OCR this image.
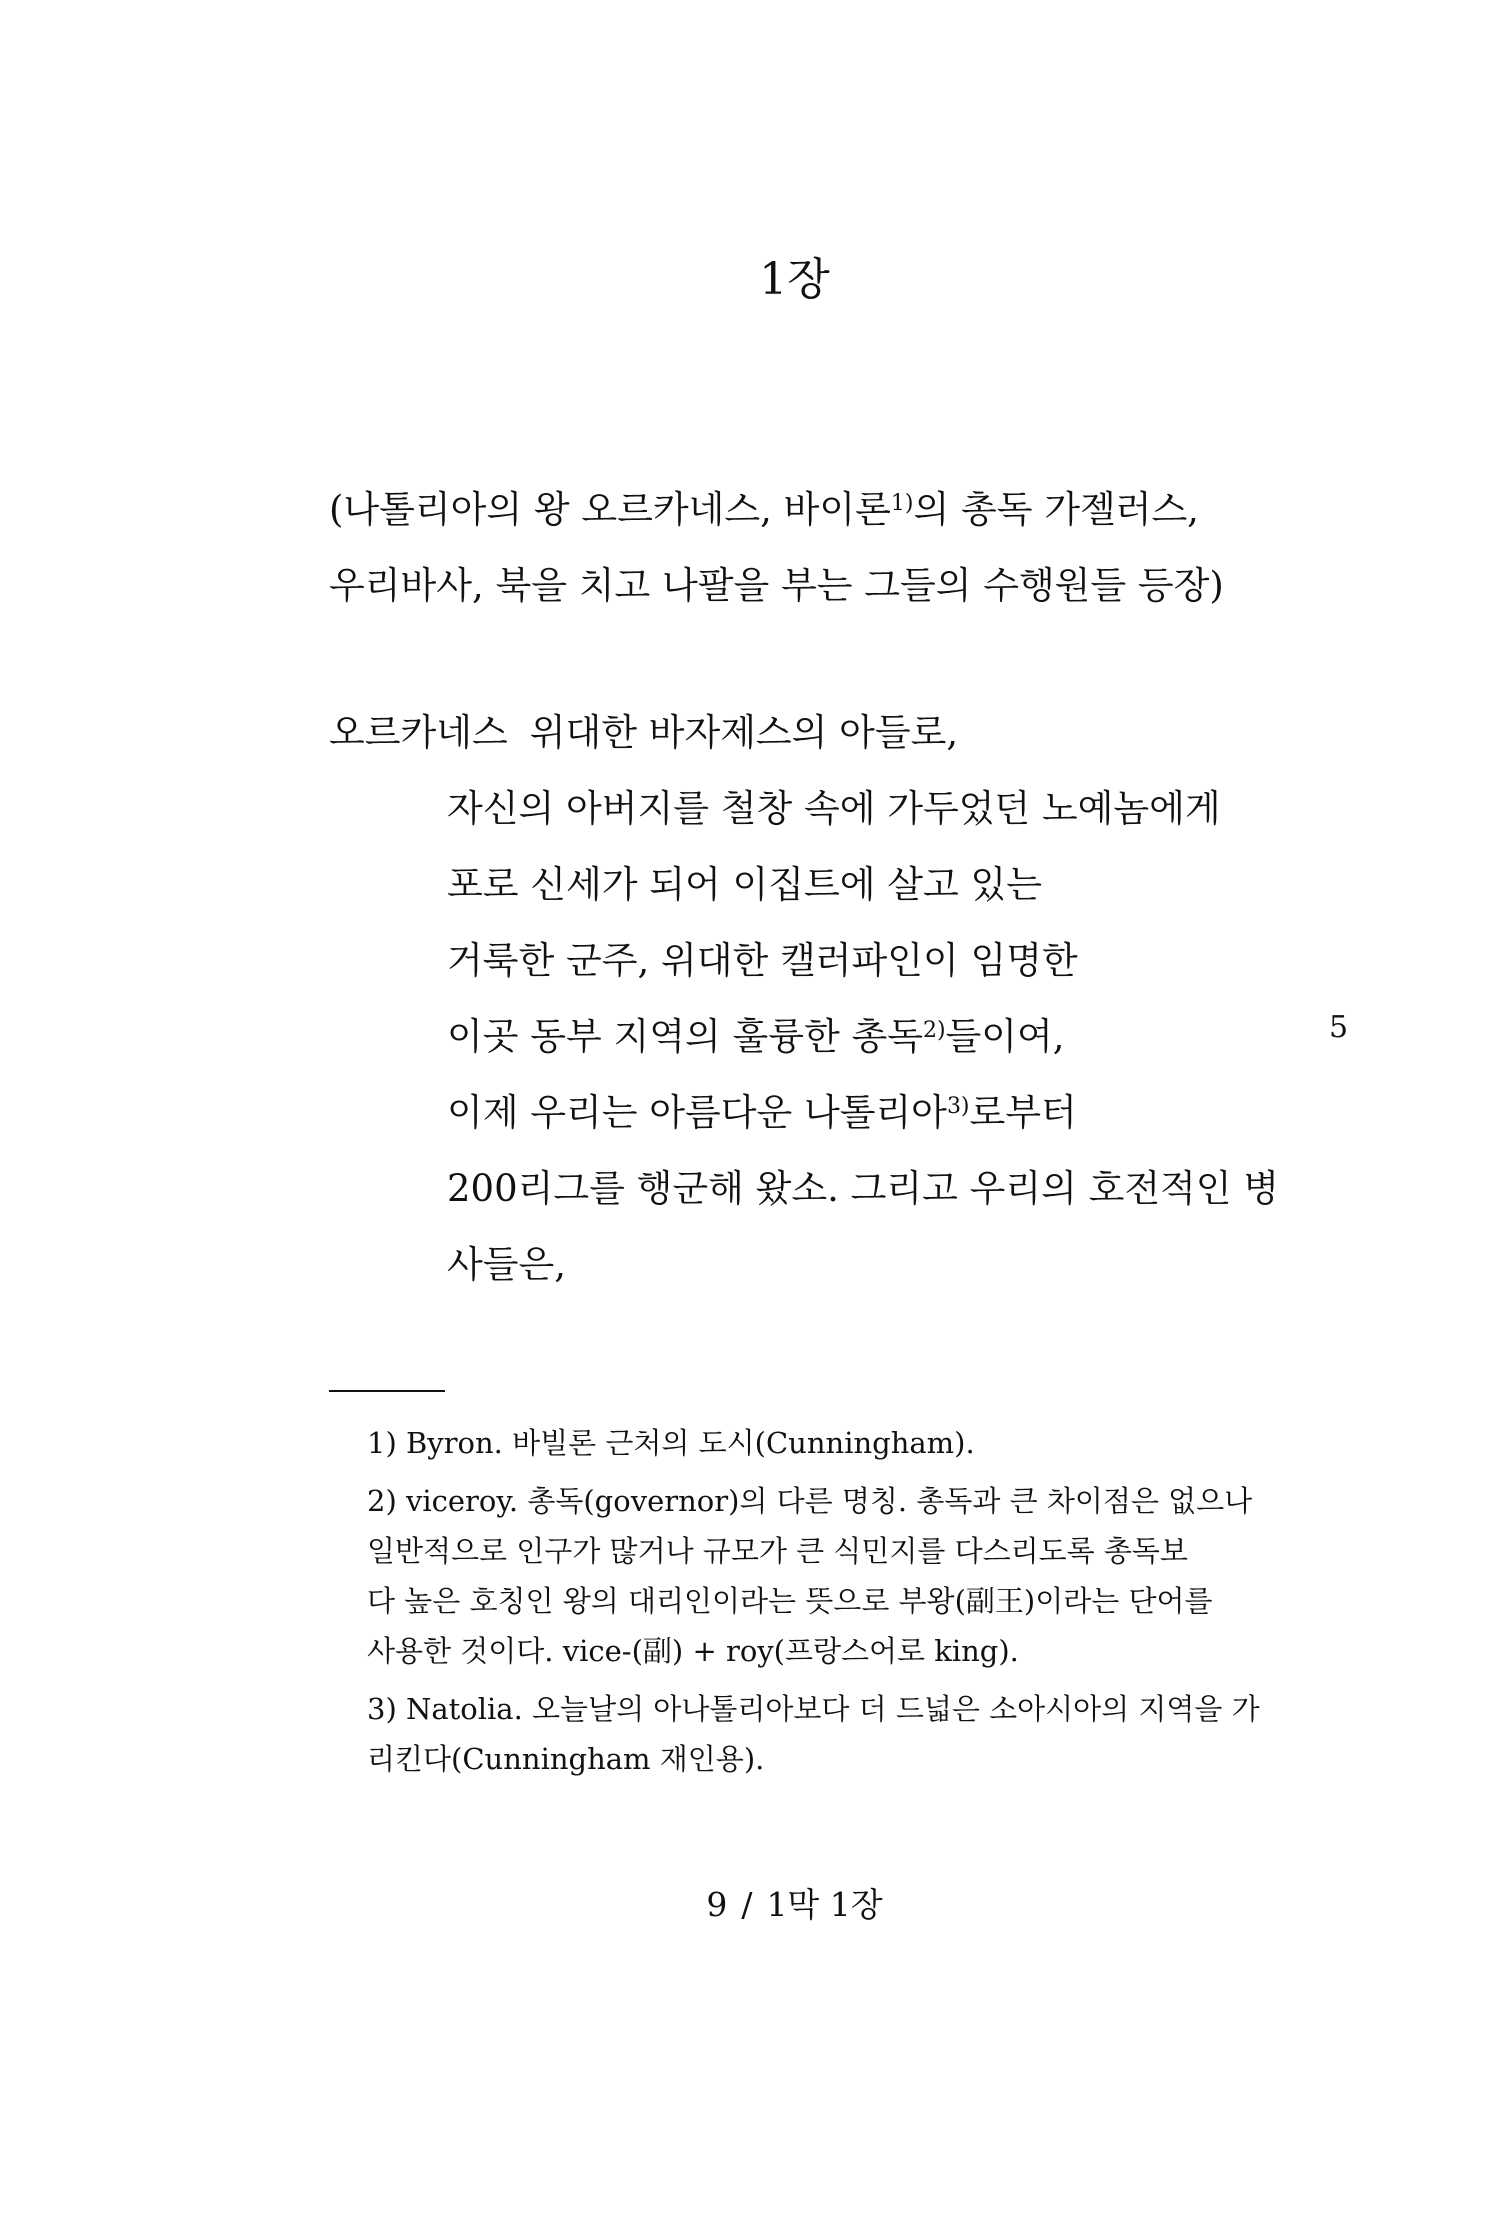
1장
(나톨리아의 왕 오르카네스, 바이론$^{1)}$의 총독 가젤러스,
우리바사, 북을 치고 나팔을 부는 그들의 수행원들 등장)
오르카네스 위대한 바자제스의 아들로,
자신의 아버지를 철창 속에 가두었던 노예놈에게
포로 신세가 되어 이집트에 살고 있는
거룩한 군주, 위대한 캘러파인이 임명한
이곳 동부 지역의 훌륭한 총독$^{2)}$들이여,
이제 우리는 아름다운 나톨리아$^{3)}$로부터
200리그를 행군해 왔소. 그리고 우리의 호전적인 병
사들은,
5
1) Byron. 바빌론 근처의 도시(Cunningham).
2) viceroy. 총독(governor)의 다른 명칭. 총독과 큰 차이점은 없으나
일반적으로 인구가 많거나 규모가 큰 식민지를 다스리도록 총독보
다 높은 호칭인 왕의 대리인이라는 뜻으로 부왕(副王)이라는 단어를
사용한 것이다. vice-(副) + roy(프랑스어로 king).
3) Natolia. 오늘날의 아나톨리아보다 더 드넓은 소아시아의 지역을 가
리킨다(Cunningham 재인용).
9 / 1막 1장
